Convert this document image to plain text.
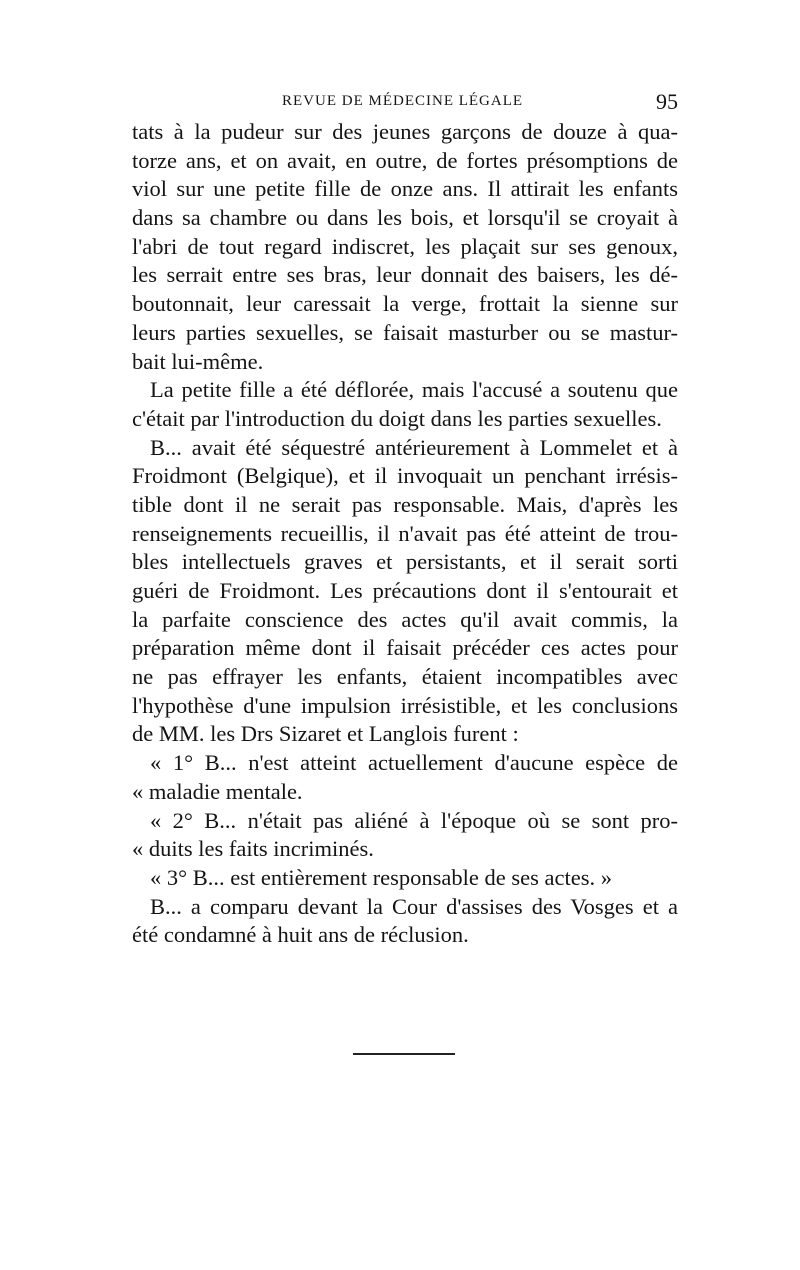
REVUE DE MÉDECINE LÉGALE	95
tats à la pudeur sur des jeunes garçons de douze à qua-
torze ans, et on avait, en outre, de fortes présomptions de
viol sur une petite fille de onze ans. Il attirait les enfants
dans sa chambre ou dans les bois, et lorsqu'il se croyait à
l'abri de tout regard indiscret, les plaçait sur ses genoux,
les serrait entre ses bras, leur donnait des baisers, les dé-
boutonnait, leur caressait la verge, frottait la sienne sur
leurs parties sexuelles, se faisait masturber ou se mastur-
bait lui-même.
La petite fille a été déflorée, mais l'accusé a soutenu que
c'était par l'introduction du doigt dans les parties sexuelles.
B... avait été séquestré antérieurement à Lommelet et à
Froidmont (Belgique), et il invoquait un penchant irrésis-
tible dont il ne serait pas responsable. Mais, d'après les
renseignements recueillis, il n'avait pas été atteint de trou-
bles intellectuels graves et persistants, et il serait sorti
guéri de Froidmont. Les précautions dont il s'entourait et
la parfaite conscience des actes qu'il avait commis, la
préparation même dont il faisait précéder ces actes pour
ne pas effrayer les enfants, étaient incompatibles avec
l'hypothèse d'une impulsion irrésistible, et les conclusions
de MM. les Drs Sizaret et Langlois furent :
« 1° B... n'est atteint actuellement d'aucune espèce de
« maladie mentale.
« 2° B... n'était pas aliéné à l'époque où se sont pro-
« duits les faits incriminés.
« 3° B... est entièrement responsable de ses actes. »
B... a comparu devant la Cour d'assises des Vosges et a
été condamné à huit ans de réclusion.
